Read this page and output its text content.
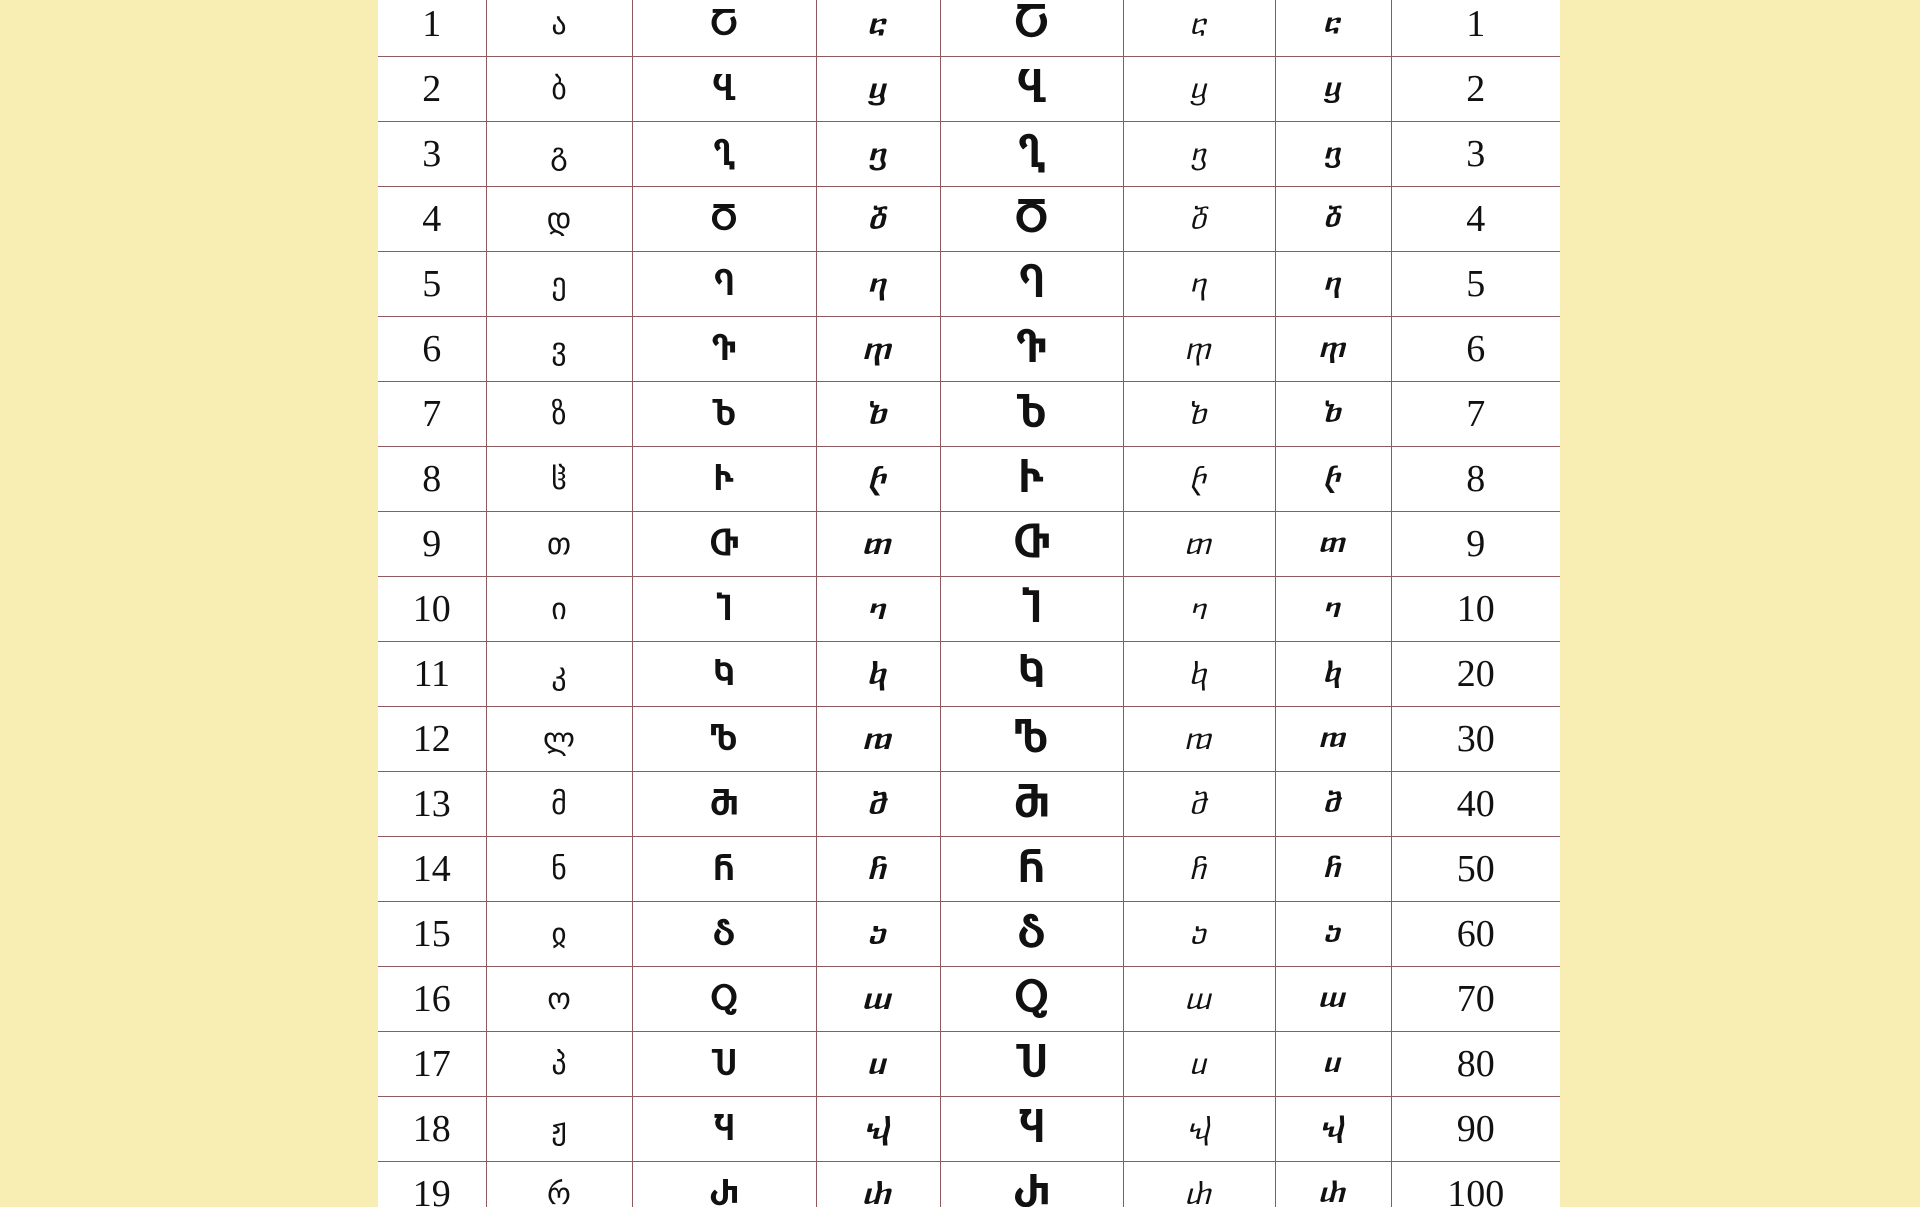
1	ა	Ⴀ	ⴀ	Ⴀ	ⴀ	ⴀ	1
2	ბ	Ⴁ	ⴁ	Ⴁ	ⴁ	ⴁ	2
3	გ	Ⴂ	ⴂ	Ⴂ	ⴂ	ⴂ	3
4	დ	Ⴃ	ⴃ	Ⴃ	ⴃ	ⴃ	4
5	ე	Ⴄ	ⴄ	Ⴄ	ⴄ	ⴄ	5
6	ვ	Ⴅ	ⴅ	Ⴅ	ⴅ	ⴅ	6
7	ზ	Ⴆ	ⴆ	Ⴆ	ⴆ	ⴆ	7
8	ჱ	Ⴡ	ⴡ	Ⴡ	ⴡ	ⴡ	8
9	თ	Ⴇ	ⴇ	Ⴇ	ⴇ	ⴇ	9
10	ი	Ⴈ	ⴈ	Ⴈ	ⴈ	ⴈ	10
11	კ	Ⴉ	ⴉ	Ⴉ	ⴉ	ⴉ	20
12	ლ	Ⴊ	ⴊ	Ⴊ	ⴊ	ⴊ	30
13	მ	Ⴋ	ⴋ	Ⴋ	ⴋ	ⴋ	40
14	ნ	Ⴌ	ⴌ	Ⴌ	ⴌ	ⴌ	50
15	ჲ	Ⴢ	ⴢ	Ⴢ	ⴢ	ⴢ	60
16	ო	Ⴍ	ⴍ	Ⴍ	ⴍ	ⴍ	70
17	პ	Ⴎ	ⴎ	Ⴎ	ⴎ	ⴎ	80
18	ჟ	Ⴏ	ⴏ	Ⴏ	ⴏ	ⴏ	90
19	რ	Ⴐ	ⴐ	Ⴐ	ⴐ	ⴐ	100
